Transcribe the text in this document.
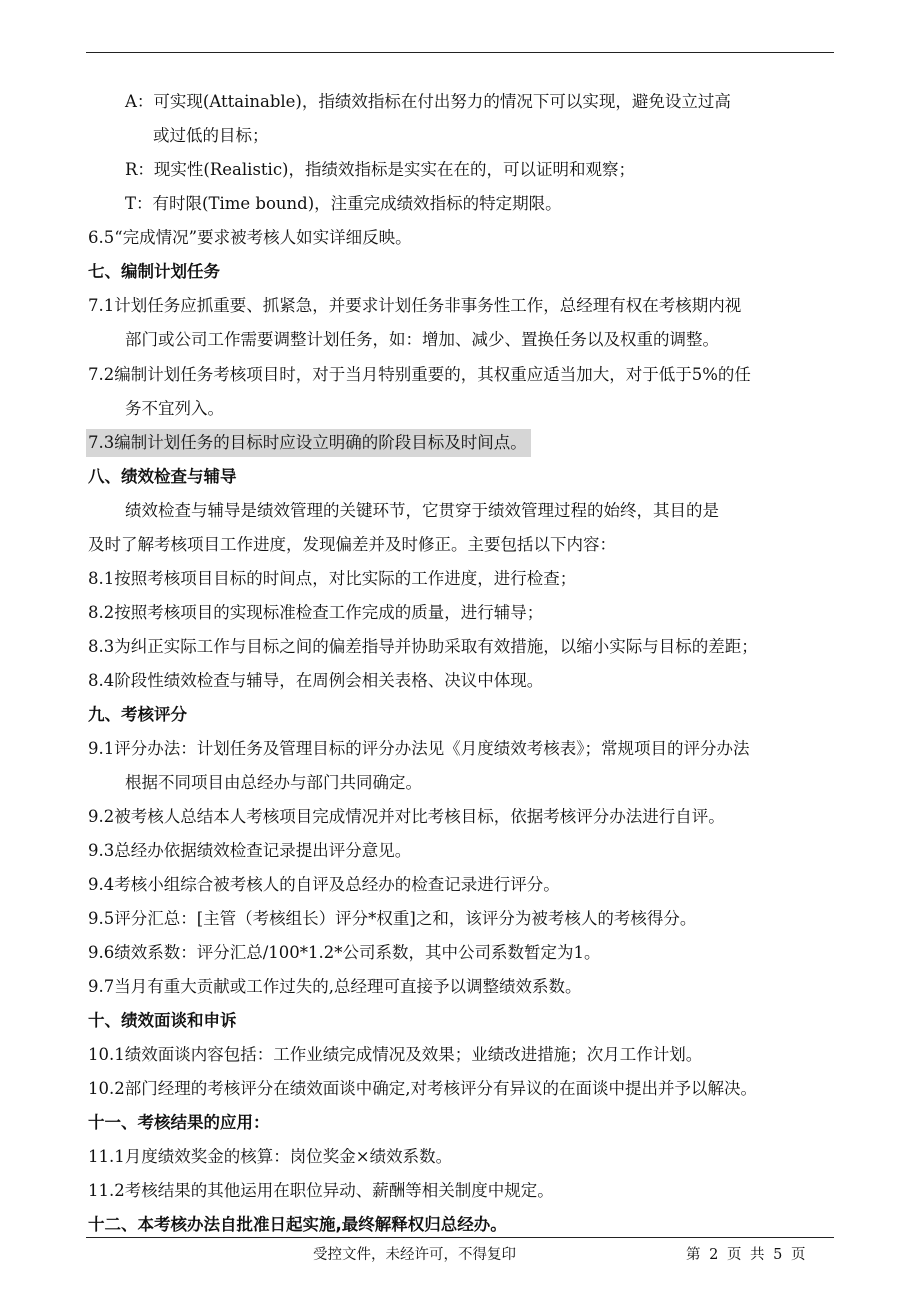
A：可实现(Attainable)，指绩效指标在付出努力的情况下可以实现，避免设立过高
或过低的目标；
R：现实性(Realistic)，指绩效指标是实实在在的，可以证明和观察；
T：有时限(Time bound)，注重完成绩效指标的特定期限。
6.5“完成情况”要求被考核人如实详细反映。
七、编制计划任务
7.1计划任务应抓重要、抓紧急，并要求计划任务非事务性工作，总经理有权在考核期内视
部门或公司工作需要调整计划任务，如：增加、减少、置换任务以及权重的调整。
7.2编制计划任务考核项目时，对于当月特别重要的，其权重应适当加大，对于低于5%的任
务不宜列入。
7.3编制计划任务的目标时应设立明确的阶段目标及时间点。
八、绩效检查与辅导
绩效检查与辅导是绩效管理的关键环节，它贯穿于绩效管理过程的始终，其目的是
及时了解考核项目工作进度，发现偏差并及时修正。主要包括以下内容：
8.1按照考核项目目标的时间点，对比实际的工作进度，进行检查；
8.2按照考核项目的实现标准检查工作完成的质量，进行辅导；
8.3为纠正实际工作与目标之间的偏差指导并协助采取有效措施，以缩小实际与目标的差距；
8.4阶段性绩效检查与辅导，在周例会相关表格、决议中体现。
九、考核评分
9.1评分办法：计划任务及管理目标的评分办法见《月度绩效考核表》；常规项目的评分办法
根据不同项目由总经办与部门共同确定。
9.2被考核人总结本人考核项目完成情况并对比考核目标，依据考核评分办法进行自评。
9.3总经办依据绩效检查记录提出评分意见。
9.4考核小组综合被考核人的自评及总经办的检查记录进行评分。
9.5评分汇总：[主管（考核组长）评分*权重]之和，该评分为被考核人的考核得分。
9.6绩效系数：评分汇总/100*1.2*公司系数，其中公司系数暂定为1。
9.7当月有重大贡献或工作过失的,总经理可直接予以调整绩效系数。
十、绩效面谈和申诉
10.1绩效面谈内容包括：工作业绩完成情况及效果；业绩改进措施；次月工作计划。
10.2部门经理的考核评分在绩效面谈中确定,对考核评分有异议的在面谈中提出并予以解决。
十一、考核结果的应用：
11.1月度绩效奖金的核算：岗位奖金×绩效系数。
11.2考核结果的其他运用在职位异动、薪酬等相关制度中规定。
十二、本考核办法自批准日起实施,最终解释权归总经办。
受控文件，未经许可，不得复印	第 2 页 共 5 页
